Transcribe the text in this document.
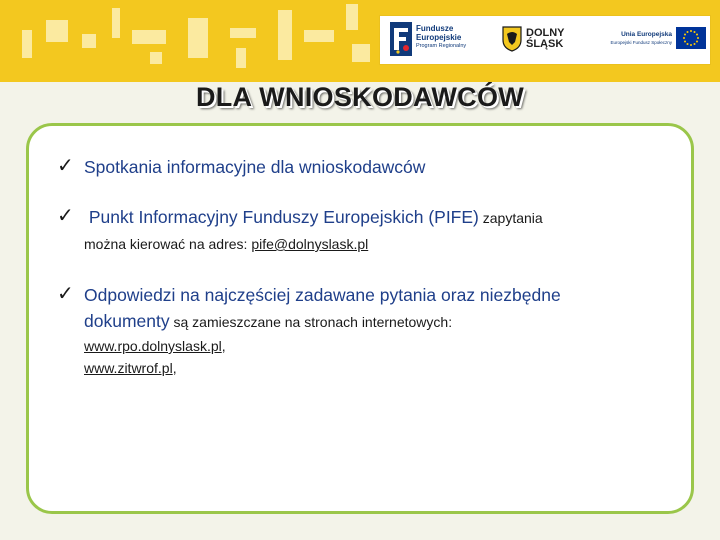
Fundusze
Europejskie
Program Regionalny
DOLNY
ŚLĄSK
Unia Europejska
Europejski Fundusz Społeczny
DLA WNIOSKODAWCÓW
✓ Spotkania informacyjne dla wnioskodawców
✓ Punkt Informacyjny Funduszy Europejskich (PIFE) zapytania
można kierować na adres: pife@dolnyslask.pl
✓ Odpowiedzi na najczęściej zadawane pytania oraz niezbędne
dokumenty są zamieszczane na stronach internetowych:
www.rpo.dolnyslask.pl,
www.zitwrof.pl,
